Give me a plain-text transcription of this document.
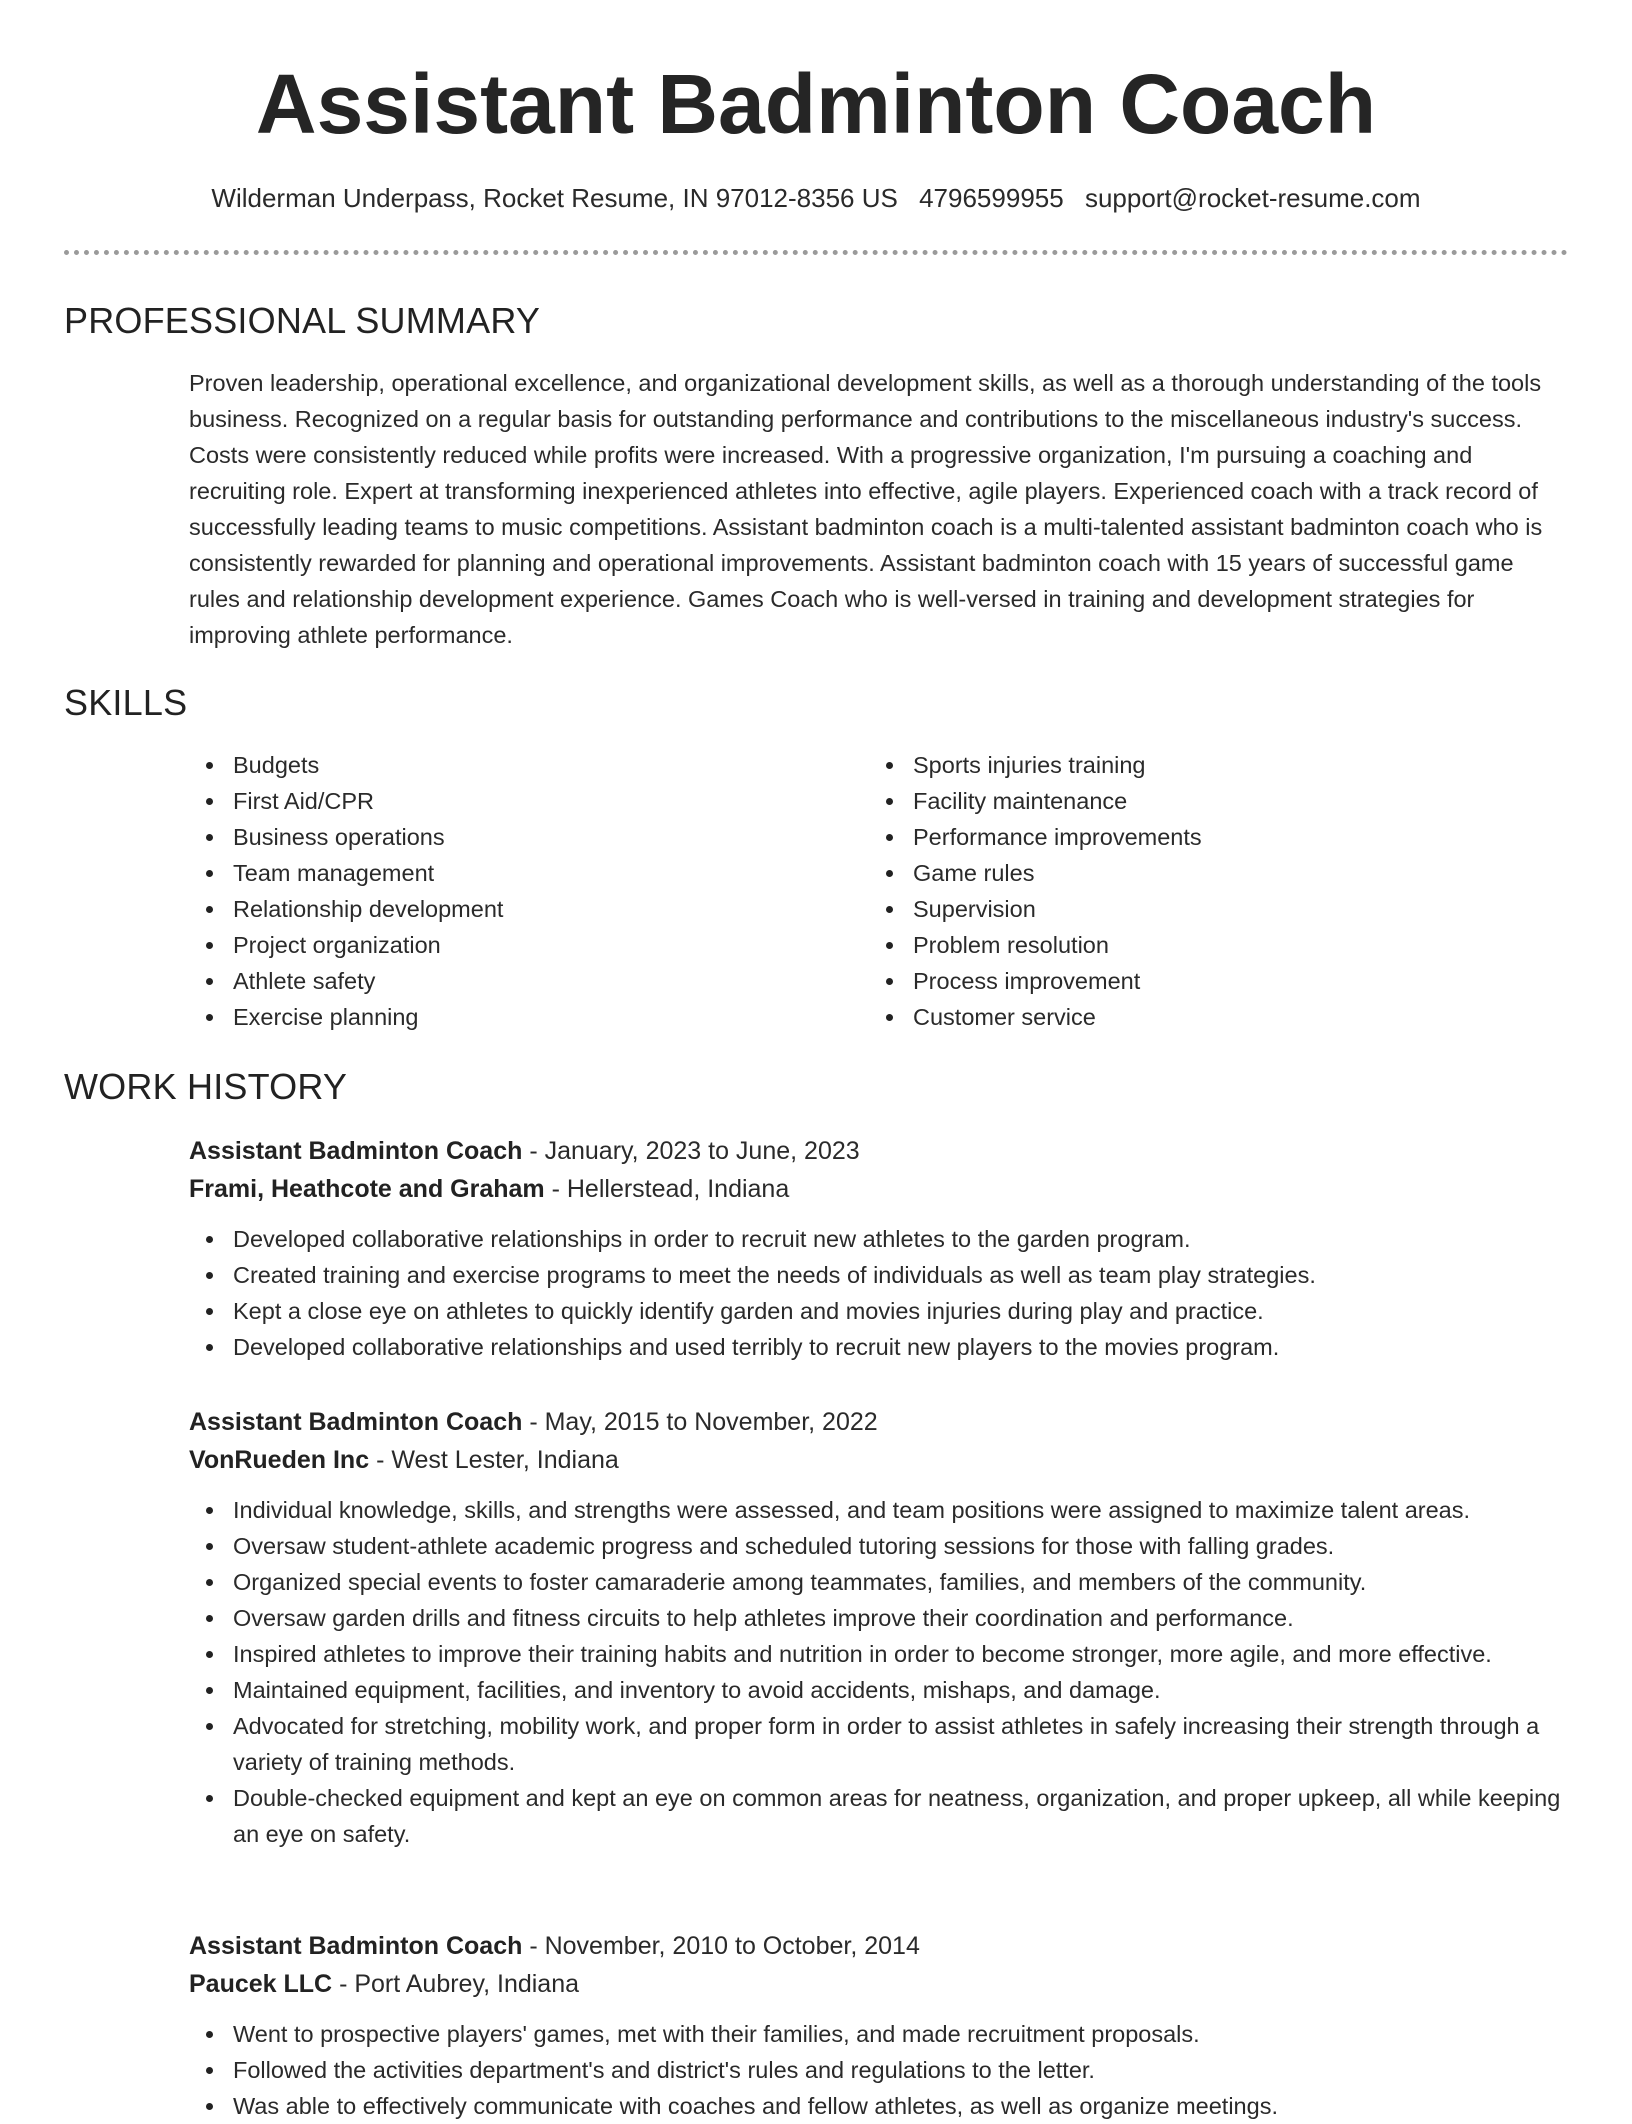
Assistant Badminton Coach
Wilderman Underpass, Rocket Resume, IN 97012-8356 US 4796599955 support@rocket-resume.com
PROFESSIONAL SUMMARY

Proven leadership, operational excellence, and organizational development skills, as well as a thorough understanding of the tools business. Recognized on a regular basis for outstanding performance and contributions to the miscellaneous industry's success. Costs were consistently reduced while profits were increased. With a progressive organization, I'm pursuing a coaching and recruiting role. Expert at transforming inexperienced athletes into effective, agile players. Experienced coach with a track record of successfully leading teams to music competitions. Assistant badminton coach is a multi-talented assistant badminton coach who is consistently rewarded for planning and operational improvements. Assistant badminton coach with 15 years of successful game rules and relationship development experience. Games Coach who is well-versed in training and development strategies for improving athlete performance.

SKILLS
Budgets
First Aid/CPR
Business operations
Team management
Relationship development
Project organization
Athlete safety
Exercise planning
Sports injuries training
Facility maintenance
Performance improvements
Game rules
Supervision
Problem resolution
Process improvement
Customer service
WORK HISTORY
Assistant Badminton Coach - January, 2023 to June, 2023
Frami, Heathcote and Graham - Hellerstead, Indiana
Developed collaborative relationships in order to recruit new athletes to the garden program.
Created training and exercise programs to meet the needs of individuals as well as team play strategies.
Kept a close eye on athletes to quickly identify garden and movies injuries during play and practice.
Developed collaborative relationships and used terribly to recruit new players to the movies program.
Assistant Badminton Coach - May, 2015 to November, 2022
VonRueden Inc - West Lester, Indiana
Individual knowledge, skills, and strengths were assessed, and team positions were assigned to maximize talent areas.
Oversaw student-athlete academic progress and scheduled tutoring sessions for those with falling grades.
Organized special events to foster camaraderie among teammates, families, and members of the community.
Oversaw garden drills and fitness circuits to help athletes improve their coordination and performance.
Inspired athletes to improve their training habits and nutrition in order to become stronger, more agile, and more effective.
Maintained equipment, facilities, and inventory to avoid accidents, mishaps, and damage.
Advocated for stretching, mobility work, and proper form in order to assist athletes in safely increasing their strength through a variety of training methods.
Double-checked equipment and kept an eye on common areas for neatness, organization, and proper upkeep, all while keeping an eye on safety.
Assistant Badminton Coach - November, 2010 to October, 2014
Paucek LLC - Port Aubrey, Indiana
Went to prospective players' games, met with their families, and made recruitment proposals.
Followed the activities department's and district's rules and regulations to the letter.
Was able to effectively communicate with coaches and fellow athletes, as well as organize meetings.
